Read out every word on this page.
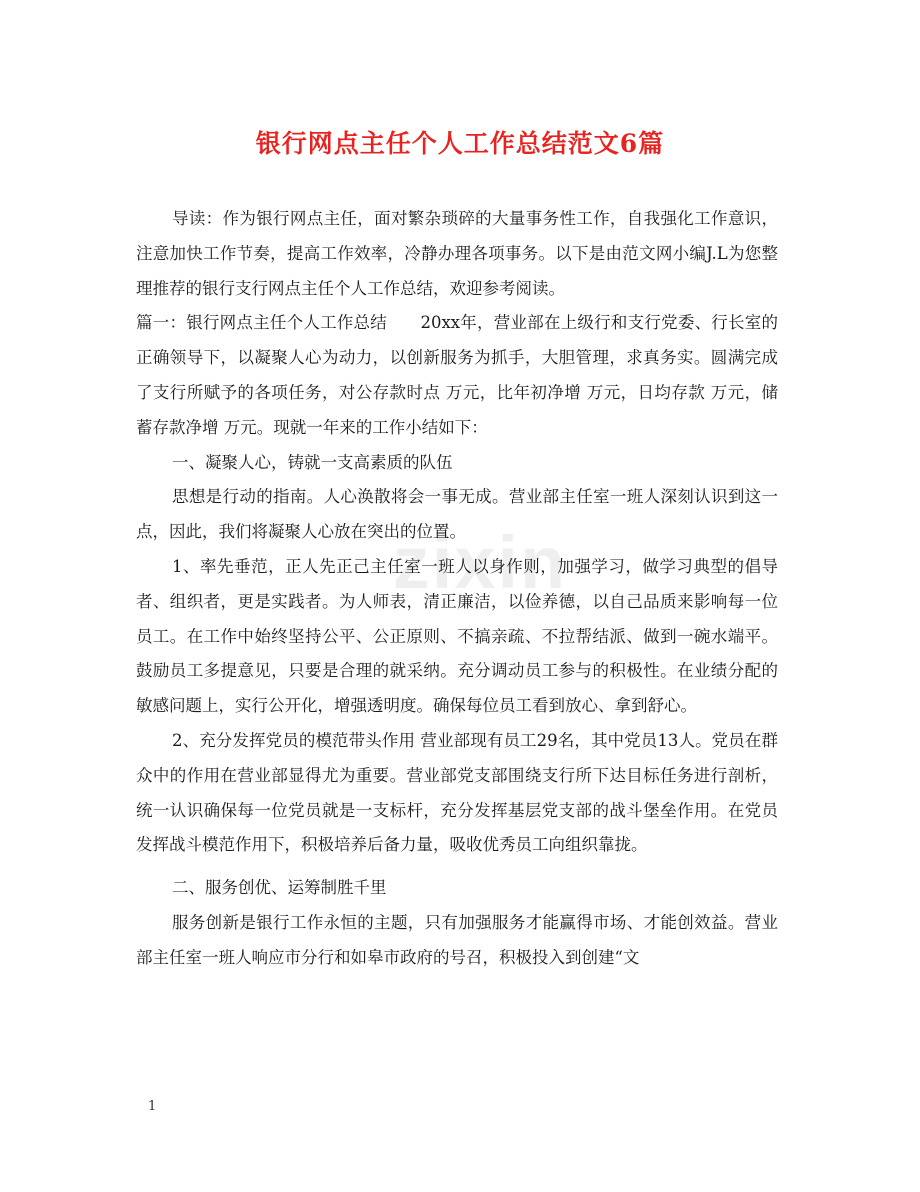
zixin
银行网点主任个人工作总结范文6篇

导读：作为银行网点主任，面对繁杂琐碎的大量事务性工作，自我强化工作意识，注意加快工作节奏，提高工作效率，冷静办理各项事务。以下是由范文网小编J.L为您整理推荐的银行支行网点主任个人工作总结，欢迎参考阅读。

篇一：银行网点主任个人工作总结　　20xx年，营业部在上级行和支行党委、行长室的正确领导下，以凝聚人心为动力，以创新服务为抓手，大胆管理，求真务实。圆满完成了支行所赋予的各项任务，对公存款时点 万元，比年初净增 万元，日均存款 万元，储蓄存款净增 万元。现就一年来的工作小结如下：

一、凝聚人心，铸就一支高素质的队伍

思想是行动的指南。人心涣散将会一事无成。营业部主任室一班人深刻认识到这一点，因此，我们将凝聚人心放在突出的位置。

1、率先垂范，正人先正己主任室一班人以身作则，加强学习，做学习典型的倡导者、组织者，更是实践者。为人师表，清正廉洁，以俭养德，以自己品质来影响每一位员工。在工作中始终坚持公平、公正原则、不搞亲疏、不拉帮结派、做到一碗水端平。鼓励员工多提意见，只要是合理的就采纳。充分调动员工参与的积极性。在业绩分配的敏感问题上，实行公开化，增强透明度。确保每位员工看到放心、拿到舒心。

2、充分发挥党员的模范带头作用 营业部现有员工29名，其中党员13人。党员在群众中的作用在营业部显得尤为重要。营业部党支部围绕支行所下达目标任务进行剖析，统一认识确保每一位党员就是一支标杆，充分发挥基层党支部的战斗堡垒作用。在党员发挥战斗模范作用下，积极培养后备力量，吸收优秀员工向组织靠拢。

二、服务创优、运筹制胜千里

服务创新是银行工作永恒的主题，只有加强服务才能赢得市场、才能创效益。营业部主任室一班人响应市分行和如皋市政府的号召，积极投入到创建“文

1
